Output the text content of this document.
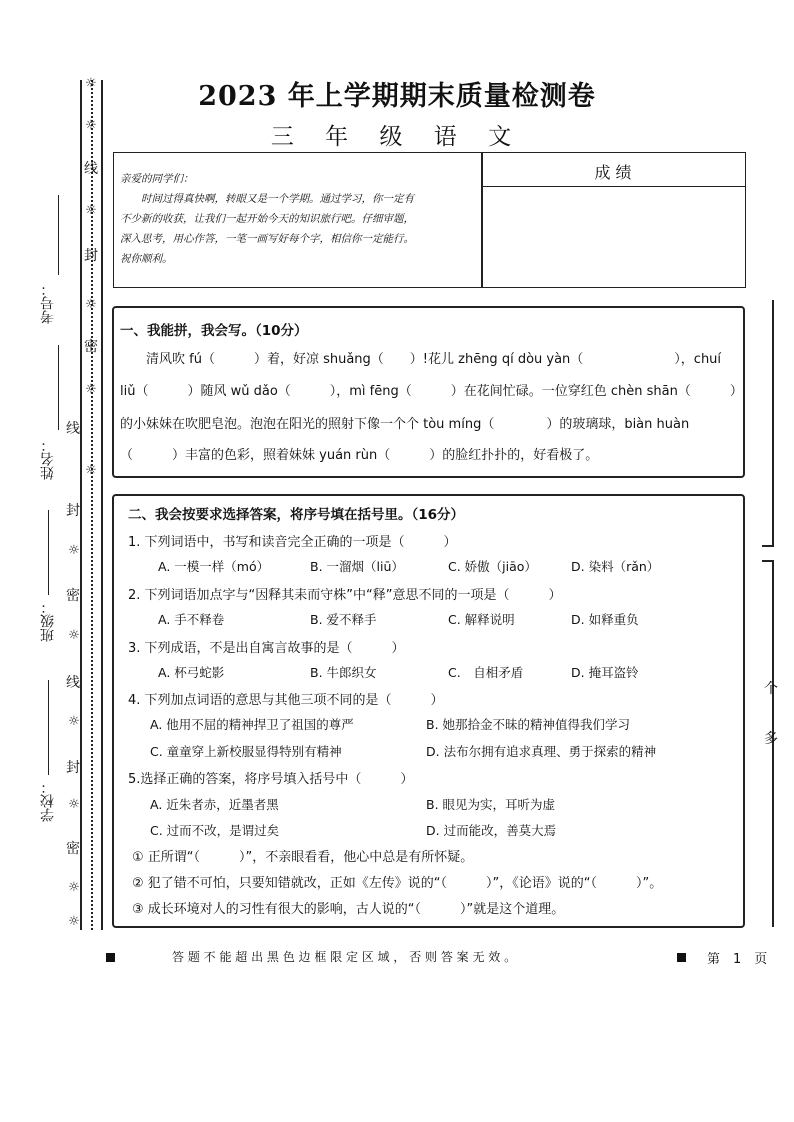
2023 年上学期期末质量检测卷
三 年 级 语 文
☼
☼
☼
☼
☼
☼
☼
☼
☼
☼
☼
☼
线
封
密
线
封
密
线
封
密
考号：
姓名：
班级：
学校：
亲爱的同学们：
　　时间过得真快啊，转眼又是一个学期。通过学习，你一定有
不少新的收获，让我们一起开始今天的知识旅行吧。仔细审题，
深入思考，用心作答，一笔一画写好每个字，相信你一定能行。
祝你顺利。
成 绩
一、我能拼，我会写。（10分）
　　清风吹 fú（　　　）着，好凉 shuǎng（　　）!花儿 zhēng qí dòu yàn（　　　　　　　），chuí
liǔ（　　　）随风 wǔ dǎo（　　　），mì fēng（　　　）在花间忙碌。一位穿红色 chèn shān（　　　）
的小妹妹在吹肥皂泡。泡泡在阳光的照射下像一个个 tòu míng（　　　　）的玻璃球，biàn huàn
（　　　）丰富的色彩，照着妹妹 yuán rùn（　　　）的脸红扑扑的，好看极了。
二、我会按要求选择答案，将序号填在括号里。（16分）
1. 下列词语中，书写和读音完全正确的一项是（　　　）
A. 一模一样（mó）	B. 一溜烟（liū）	C. 娇傲（jiāo）	D. 染料（rǎn）
2. 下列词语加点字与“因释其耒而守株”中“释”意思不同的一项是（　　　）
A. 手不释卷	B. 爱不释手	C. 解释说明	D. 如释重负
3. 下列成语，不是出自寓言故事的是（　　　）
A. 杯弓蛇影	B. 牛郎织女	C.　自相矛盾	D. 掩耳盗铃
4. 下列加点词语的意思与其他三项不同的是（　　　）
A. 他用不屈的精神捍卫了祖国的尊严	B. 她那拾金不昧的精神值得我们学习
C. 童童穿上新校服显得特别有精神	D. 法布尔拥有追求真理、勇于探索的精神
5.选择正确的答案，将序号填入括号中（　　　）
A. 近朱者赤，近墨者黑	B. 眼见为实，耳听为虚
C. 过而不改，是谓过矣	D. 过而能改，善莫大焉
① 正所谓“（　　　）”，不亲眼看看，他心中总是有所怀疑。
② 犯了错不可怕，只要知错就改，正如《左传》说的“（　　　）”，《论语》说的“（　　　）”。
③ 成长环境对人的习性有很大的影响，古人说的“（　　　）”就是这个道理。
答 题 不 能 超 出 黑 色 边 框 限 定 区 域 ， 否 则 答 案 无 效 。	第　1　页
个
多
